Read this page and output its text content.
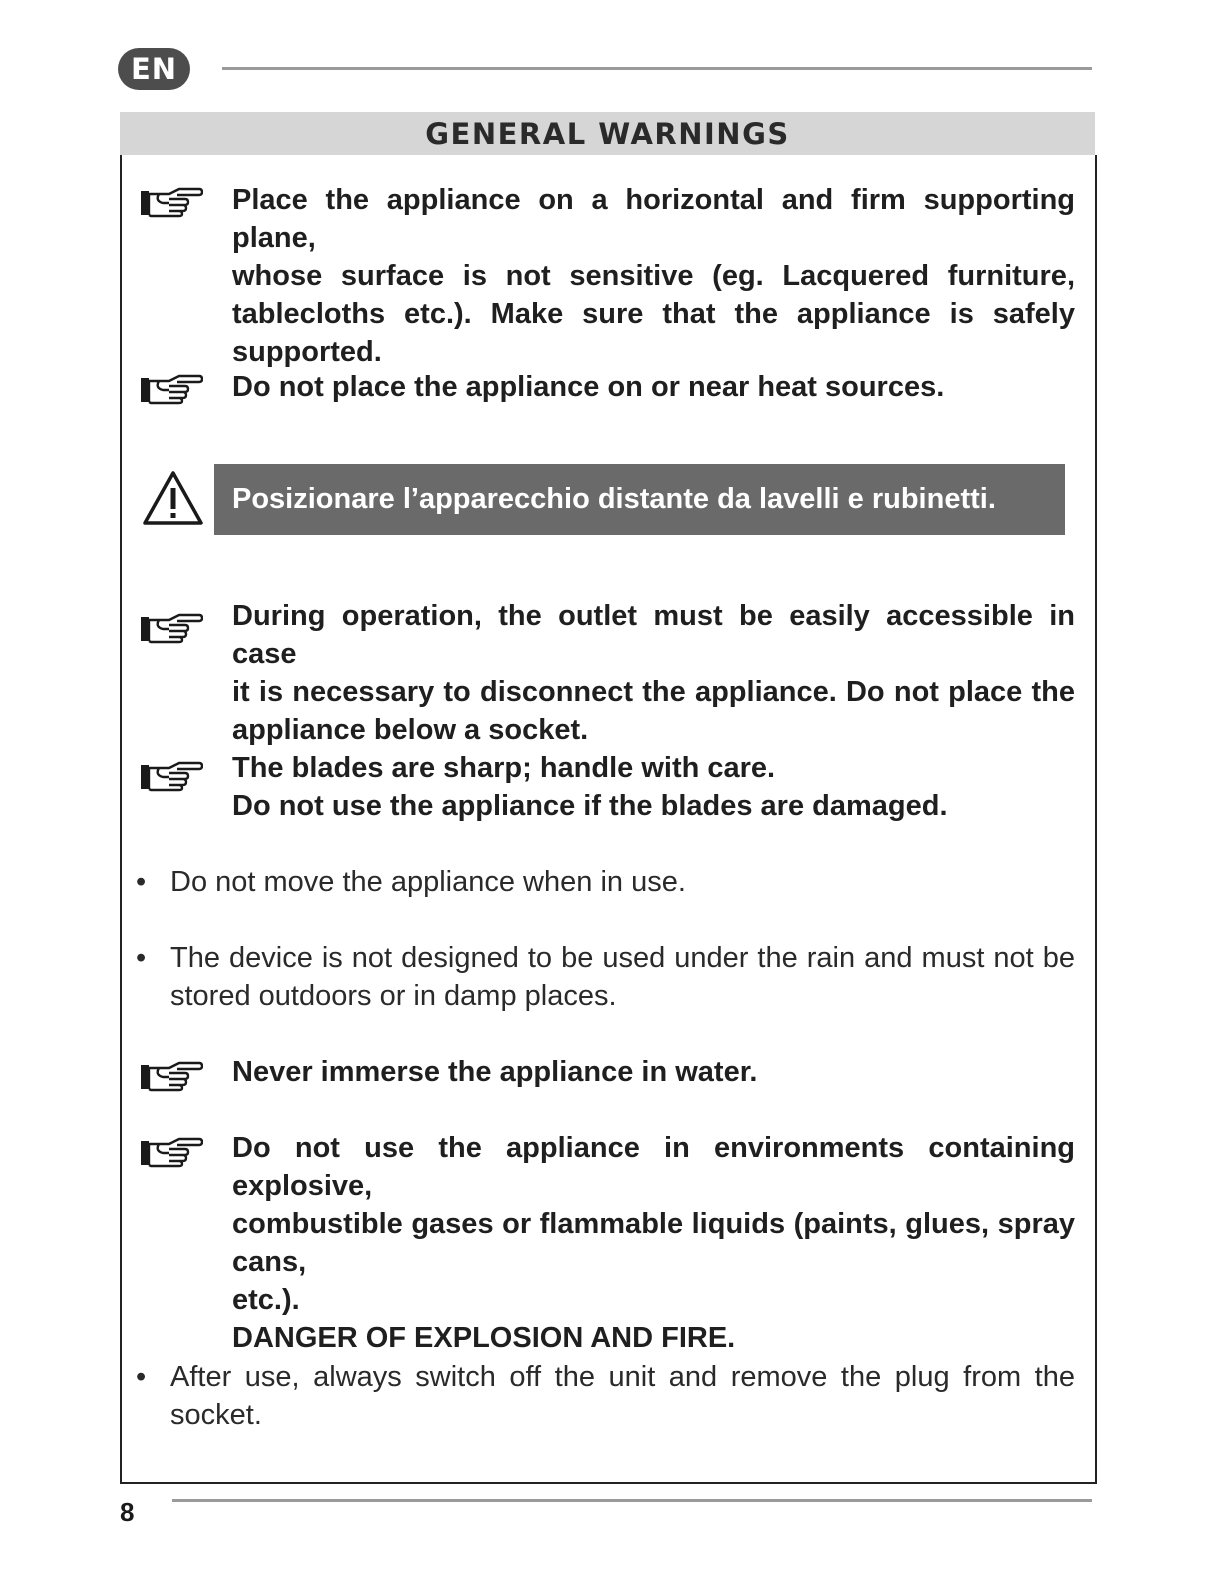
EN
GENERAL WARNINGS
Place the appliance on a horizontal and firm supporting plane,
whose surface is not sensitive (eg. Lacquered furniture,
tablecloths etc.). Make sure that the appliance is safely
supported.
Do not place the appliance on or near heat sources.
Posizionare l’apparecchio distante da lavelli e rubinetti.
During operation, the outlet must be easily accessible in case
it is necessary to disconnect the appliance. Do not place the
appliance below a socket.
The blades are sharp; handle with care.
Do not use the appliance if the blades are damaged.
• Do not move the appliance when in use.
• The device is not designed to be used under the rain and must not be
stored outdoors or in damp places.
Never immerse the appliance in water.
Do not use the appliance in environments containing explosive,
combustible gases or flammable liquids (paints, glues, spray cans,
etc.).
DANGER OF EXPLOSION AND FIRE.
• After use, always switch off the unit and remove the plug from the
socket.
8
